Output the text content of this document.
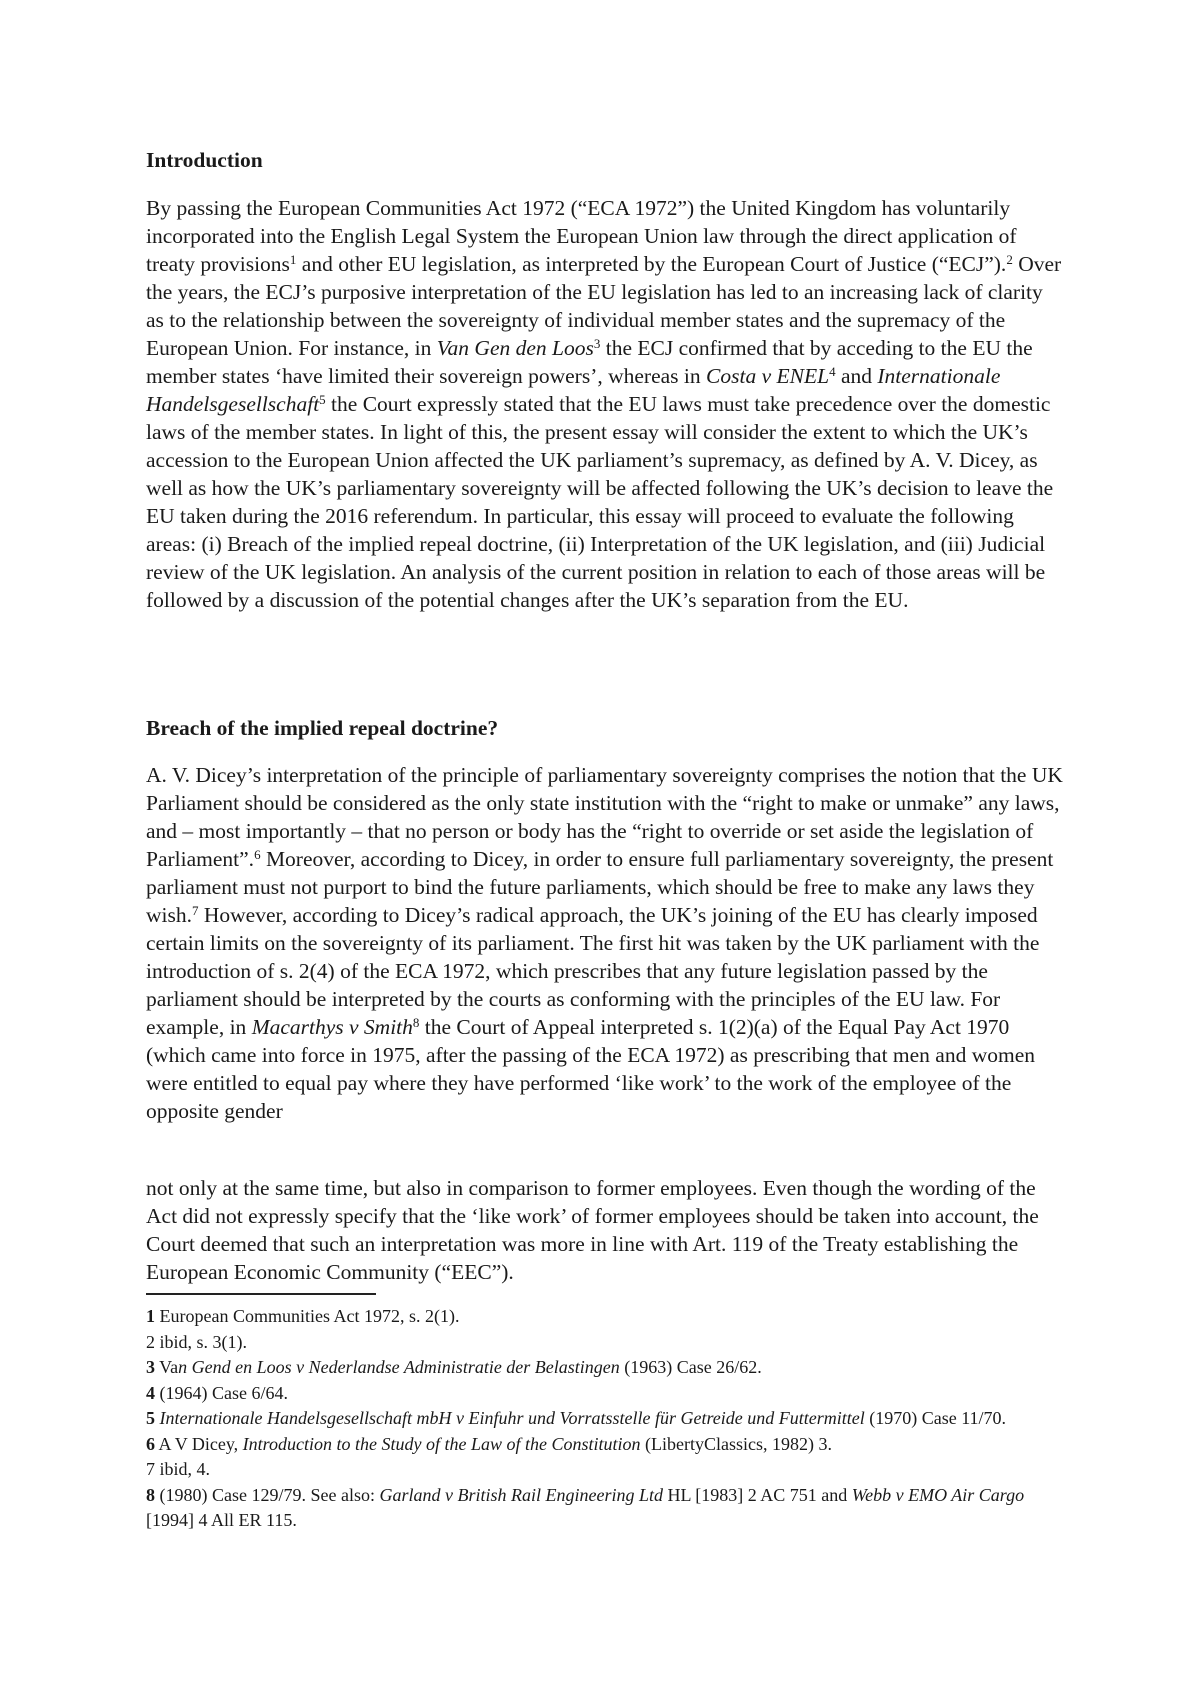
Introduction

By passing the European Communities Act 1972 (“ECA 1972”) the United Kingdom has voluntarily incorporated into the English Legal System the European Union law through the direct application of treaty provisions$^1$ and other EU legislation, as interpreted by the European Court of Justice (“ECJ”).$^2$ Over the years, the ECJ’s purposive interpretation of the EU legislation has led to an increasing lack of clarity as to the relationship between the sovereignty of individual member states and the supremacy of the European Union. For instance, in Van Gen den Loos$^3$ the ECJ confirmed that by acceding to the EU the member states ‘have limited their sovereign powers’, whereas in Costa v ENEL$^4$ and Internationale Handelsgesellschaft$^5$ the Court expressly stated that the EU laws must take precedence over the domestic laws of the member states. In light of this, the present essay will consider the extent to which the UK’s accession to the European Union affected the UK parliament’s supremacy, as defined by A. V. Dicey, as well as how the UK’s parliamentary sovereignty will be affected following the UK’s decision to leave the EU taken during the 2016 referendum. In particular, this essay will proceed to evaluate the following areas: (i) Breach of the implied repeal doctrine, (ii) Interpretation of the UK legislation, and (iii) Judicial review of the UK legislation. An analysis of the current position in relation to each of those areas will be followed by a discussion of the potential changes after the UK’s separation from the EU.

Breach of the implied repeal doctrine?

A. V. Dicey’s interpretation of the principle of parliamentary sovereignty comprises the notion that the UK Parliament should be considered as the only state institution with the “right to make or unmake” any laws, and – most importantly – that no person or body has the “right to override or set aside the legislation of Parliament”.$^6$ Moreover, according to Dicey, in order to ensure full parliamentary sovereignty, the present parliament must not purport to bind the future parliaments, which should be free to make any laws they wish.$^7$ However, according to Dicey’s radical approach, the UK’s joining of the EU has clearly imposed certain limits on the sovereignty of its parliament. The first hit was taken by the UK parliament with the introduction of s. 2(4) of the ECA 1972, which prescribes that any future legislation passed by the parliament should be interpreted by the courts as conforming with the principles of the EU law. For example, in Macarthys v Smith$^8$ the Court of Appeal interpreted s. 1(2)(a) of the Equal Pay Act 1970 (which came into force in 1975, after the passing of the ECA 1972) as prescribing that men and women were entitled to equal pay where they have performed ‘like work’ to the work of the employee of the opposite gender

not only at the same time, but also in comparison to former employees. Even though the wording of the Act did not expressly specify that the ‘like work’ of former employees should be taken into account, the Court deemed that such an interpretation was more in line with Art. 119 of the Treaty establishing the European Economic Community (“EEC”).

1 European Communities Act 1972, s. 2(1).

2 ibid, s. 3(1).

3 Van Gend en Loos v Nederlandse Administratie der Belastingen (1963) Case 26/62.

4 (1964) Case 6/64.

5 Internationale Handelsgesellschaft mbH v Einfuhr und Vorratsstelle für Getreide und Futtermittel (1970) Case 11/70.

6 A V Dicey, Introduction to the Study of the Law of the Constitution (LibertyClassics, 1982) 3.

7 ibid, 4.

8 (1980) Case 129/79. See also: Garland v British Rail Engineering Ltd HL [1983] 2 AC 751 and Webb v EMO Air Cargo [1994] 4 All ER 115.
